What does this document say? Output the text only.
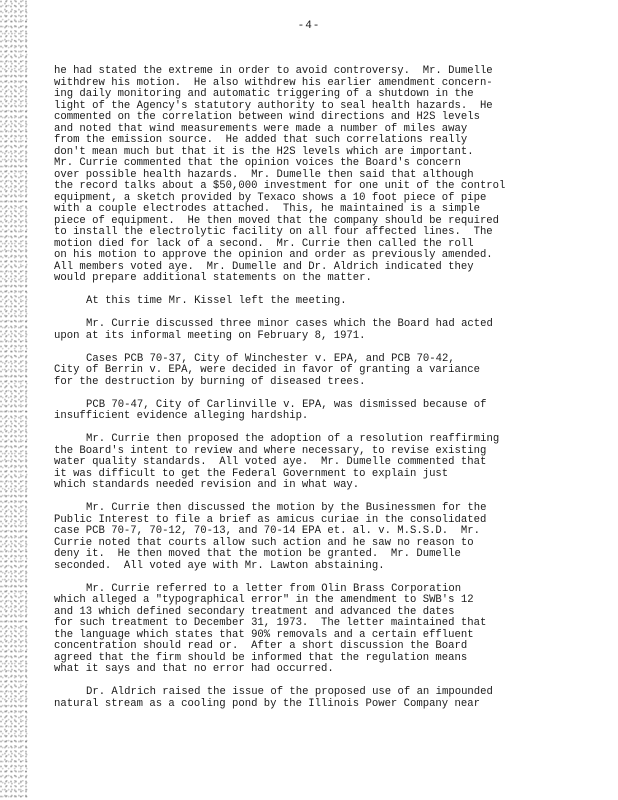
-4-
he had stated the extreme in order to avoid controversy.  Mr. Dumelle
withdrew his motion.  He also withdrew his earlier amendment concern-
ing daily monitoring and automatic triggering of a shutdown in the
light of the Agency's statutory authority to seal health hazards.  He
commented on the correlation between wind directions and H2S levels
and noted that wind measurements were made a number of miles away
from the emission source.  He added that such correlations really
don't mean much but that it is the H2S levels which are important.
Mr. Currie commented that the opinion voices the Board's concern
over possible health hazards.  Mr. Dumelle then said that although
the record talks about a $50,000 investment for one unit of the control
equipment, a sketch provided by Texaco shows a 10 foot piece of pipe
with a couple electrodes attached.  This, he maintained is a simple
piece of equipment.  He then moved that the company should be required
to install the electrolytic facility on all four affected lines.  The
motion died for lack of a second.  Mr. Currie then called the roll
on his motion to approve the opinion and order as previously amended.
All members voted aye.  Mr. Dumelle and Dr. Aldrich indicated they
would prepare additional statements on the matter.
At this time Mr. Kissel left the meeting.
Mr. Currie discussed three minor cases which the Board had acted
upon at its informal meeting on February 8, 1971.
Cases PCB 70-37, City of Winchester v. EPA, and PCB 70-42,
City of Berrin v. EPA, were decided in favor of granting a variance
for the destruction by burning of diseased trees.
PCB 70-47, City of Carlinville v. EPA, was dismissed because of
insufficient evidence alleging hardship.
Mr. Currie then proposed the adoption of a resolution reaffirming
the Board's intent to review and where necessary, to revise existing
water quality standards.  All voted aye.  Mr. Dumelle commented that
it was difficult to get the Federal Government to explain just
which standards needed revision and in what way.
Mr. Currie then discussed the motion by the Businessmen for the
Public Interest to file a brief as amicus curiae in the consolidated
case PCB 70-7, 70-12, 70-13, and 70-14 EPA et. al. v. M.S.S.D.  Mr.
Currie noted that courts allow such action and he saw no reason to
deny it.  He then moved that the motion be granted.  Mr. Dumelle
seconded.  All voted aye with Mr. Lawton abstaining.
Mr. Currie referred to a letter from Olin Brass Corporation
which alleged a "typographical error" in the amendment to SWB's 12
and 13 which defined secondary treatment and advanced the dates
for such treatment to December 31, 1973.  The letter maintained that
the language which states that 90% removals and a certain effluent
concentration should read or.  After a short discussion the Board
agreed that the firm should be informed that the regulation means
what it says and that no error had occurred.
Dr. Aldrich raised the issue of the proposed use of an impounded
natural stream as a cooling pond by the Illinois Power Company near
